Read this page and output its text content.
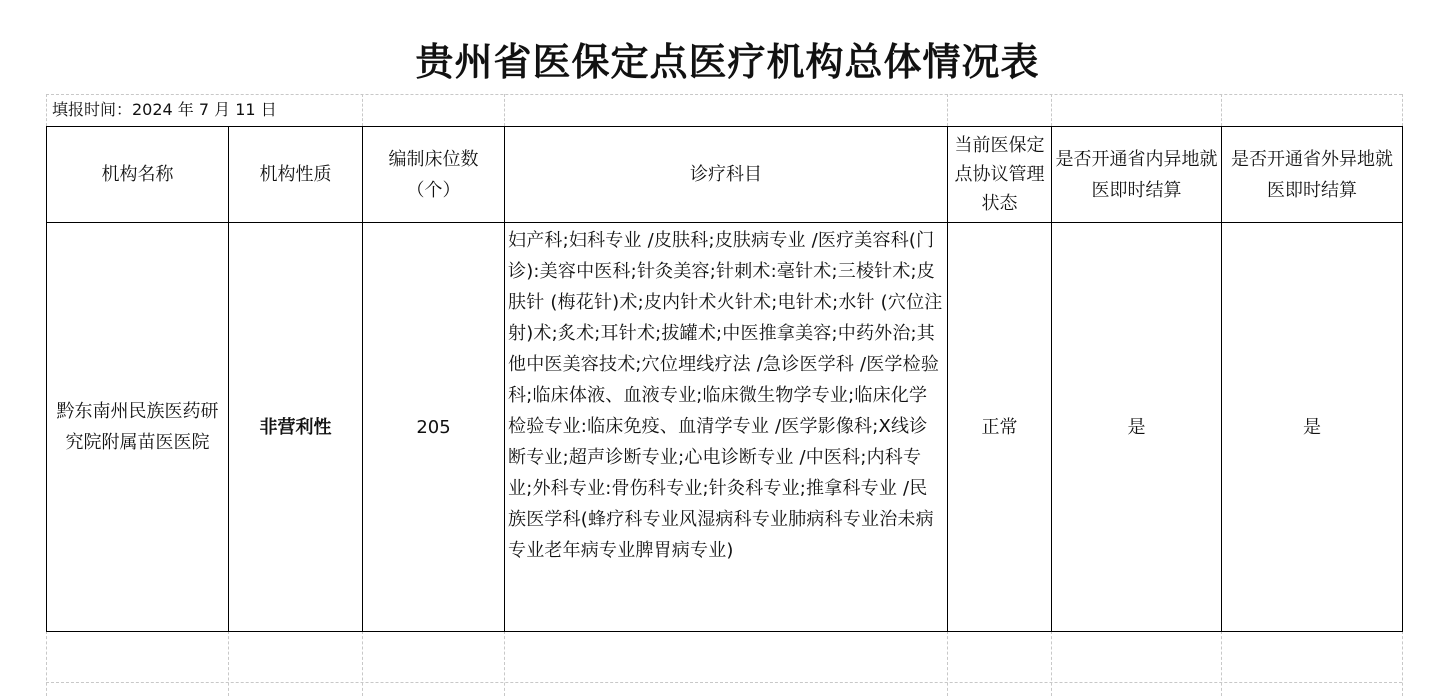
贵州省医保定点医疗机构总体情况表
填报时间：2024 年 7 月 11 日
机构名称	机构性质	编制床位数（个）	诊疗科目	当前医保定点协议管理状态	是否开通省内异地就医即时结算	是否开通省外异地就医即时结算
黔东南州民族医药研究院附属苗医医院	非营利性	205	妇产科;妇科专业 /皮肤科;皮肤病专业 /医疗美容科(门诊):美容中医科;针灸美容;针刺术:毫针术;三棱针术;皮肤针 (梅花针)术;皮内针术火针术;电针术;水针 (穴位注射)术;炙术;耳针术;拔罐术;中医推拿美容;中药外治;其他中医美容技术;穴位埋线疗法 /急诊医学科 /医学检验科;临床体液、血液专业;临床微生物学专业;临床化学检验专业:临床免疫、血清学专业 /医学影像科;X线诊断专业;超声诊断专业;心电诊断专业 /中医科;内科专业;外科专业:骨伤科专业;针灸科专业;推拿科专业 /民族医学科(蜂疗科专业风湿病科专业肺病科专业治未病专业老年病专业脾胃病专业)	正常	是	是
